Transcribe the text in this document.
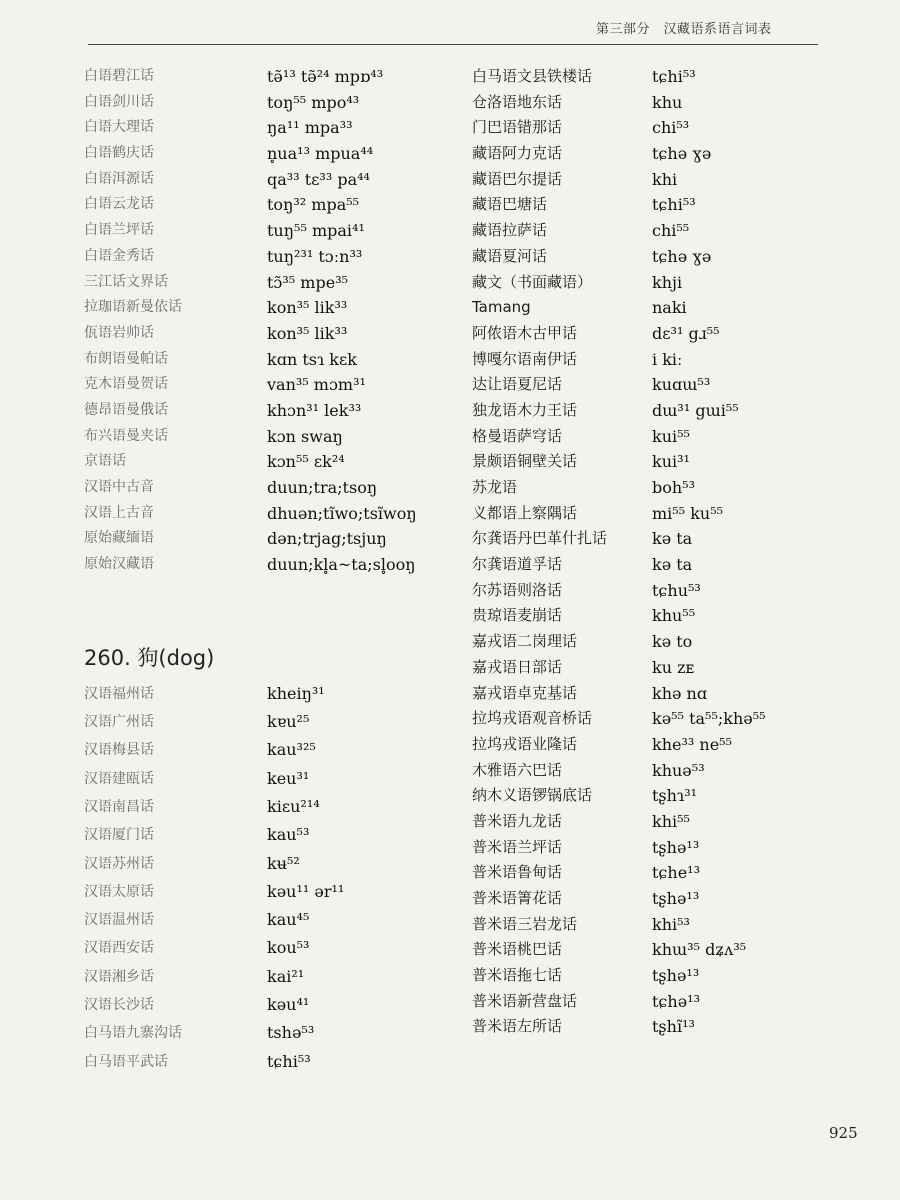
第三部分　汉藏语系语言词表
白语碧江话	tə̃¹³ tə̃²⁴ mpɒ⁴³
白语剑川话	toŋ⁵⁵ mpo⁴³
白语大理话	ŋa¹¹ mpa³³
白语鹤庆话	n̥ua¹³ mpua⁴⁴
白语洱源话	qa³³ tɛ³³ pa⁴⁴
白语云龙话	toŋ³² mpa⁵⁵
白语兰坪话	tuŋ⁵⁵ mpai⁴¹
白语金秀话	tuŋ²³¹ tɔːn³³
三江话文界话	tɔ̃³⁵ mpe³⁵
拉珈语新曼依话	kon³⁵ lik³³
佤语岩帅话	kon³⁵ lik³³
布朗语曼帕话	kɑn tsɿ kɛk
克木语曼贺话	van³⁵ mɔm³¹
德昂语曼俄话	khɔn³¹ lek³³
布兴语曼夹话	kɔn swaŋ
京语话	kɔn⁵⁵ ɛk²⁴
汉语中古音	duun;tra;tsoŋ
汉语上古音	dhuən;tĩwo;tsĩwoŋ
原始藏缅语	dən;trjag;tsjuŋ
原始汉藏语	duun;kl̥a~ta;sl̥ooŋ
260. 狗(dog)
汉语福州话	kheiŋ³¹
汉语广州话	kɐu²⁵
汉语梅县话	kau³²⁵
汉语建瓯话	keu³¹
汉语南昌话	kiɛu²¹⁴
汉语厦门话	kau⁵³
汉语苏州话	kʉ⁵²
汉语太原话	kəu¹¹ ər¹¹
汉语温州话	kau⁴⁵
汉语西安话	kou⁵³
汉语湘乡话	kai²¹
汉语长沙话	kəu⁴¹
白马语九寨沟话	tshə⁵³
白马语平武话	tɕhi⁵³
白马语文县铁楼话	tɕhi⁵³
仓洛语地东话	khu
门巴语错那话	chi⁵³
藏语阿力克话	tɕhə ɣə
藏语巴尔提话	khi
藏语巴塘话	tɕhi⁵³
藏语拉萨话	chi⁵⁵
藏语夏河话	tɕhə ɣə
藏文（书面藏语）	khji
Tamang	naki
阿侬语木古甲话	dɛ³¹ gɹ⁵⁵
博嘎尔语南伊话	i kiː
达让语夏尼话	kuɑɯ⁵³
独龙语木力王话	dɯ³¹ gɯi⁵⁵
格曼语萨穹话	kui⁵⁵
景颇语铜壁关话	kui³¹
苏龙语	boh⁵³
义都语上察隅话	mi⁵⁵ ku⁵⁵
尔龚语丹巴革什扎话	kə ta
尔龚语道孚话	kə ta
尔苏语则洛话	tɕhu⁵³
贵琼语麦崩话	khu⁵⁵
嘉戎语二岗理话	kə to
嘉戎语日部话	ku zᴇ
嘉戎语卓克基话	khə nɑ
拉坞戎语观音桥话	kə⁵⁵ ta⁵⁵;khə⁵⁵
拉坞戎语业隆话	khe³³ ne⁵⁵
木雅语六巴话	khuə⁵³
纳木义语锣锅底话	tʂhɿ³¹
普米语九龙话	khi⁵⁵
普米语兰坪话	tʂhə¹³
普米语鲁甸话	tɕhe¹³
普米语箐花话	tʂhə¹³
普米语三岩龙话	khi⁵³
普米语桃巴话	khɯ³⁵ dʑʌ³⁵
普米语拖七话	tʂhə¹³
普米语新营盘话	tɕhə¹³
普米语左所话	tʂhĩ¹³
925
